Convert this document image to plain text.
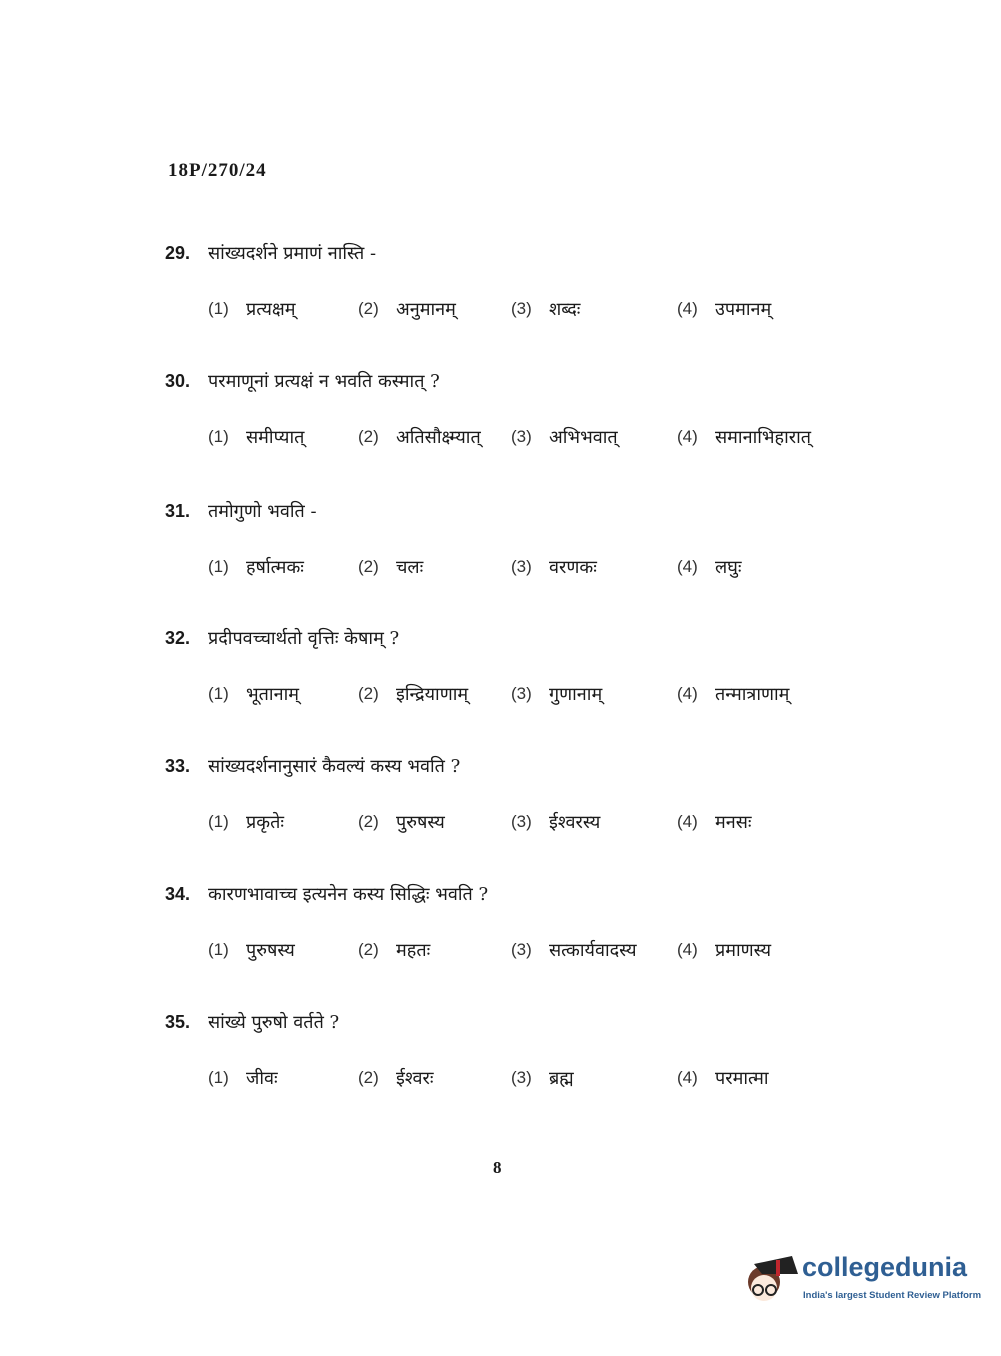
18P/270/24
29. सांख्यदर्शने प्रमाणं नास्ति -
(1) प्रत्यक्षम्	(2) अनुमानम्	(3) शब्दः	(4) उपमानम्
30. परमाणूनां प्रत्यक्षं न भवति कस्मात् ?
(1) समीप्यात्	(2) अतिसौक्ष्म्यात् (3) अभिभवात्	(4) समानाभिहारात्
31. तमोगुणो भवति -
(1) हर्षात्मकः	(2) चलः	(3) वरणकः	(4) लघुः
32. प्रदीपवच्चार्थतो वृत्तिः केषाम् ?
(1) भूतानाम्	(2) इन्द्रियाणाम्	(3) गुणानाम्	(4) तन्मात्राणाम्
33. सांख्यदर्शनानुसारं कैवल्यं कस्य भवति ?
(1) प्रकृतेः	(2) पुरुषस्य	(3) ईश्वरस्य	(4) मनसः
34. कारणभावाच्च इत्यनेन कस्य सिद्धिः भवति ?
(1) पुरुषस्य	(2) महतः	(3) सत्कार्यवादस्य (4) प्रमाणस्य
35. सांख्ये पुरुषो वर्तते ?
(1) जीवः	(2) ईश्वरः	(3) ब्रह्म	(4) परमात्मा
8
collegedunia
India's largest Student Review Platform
